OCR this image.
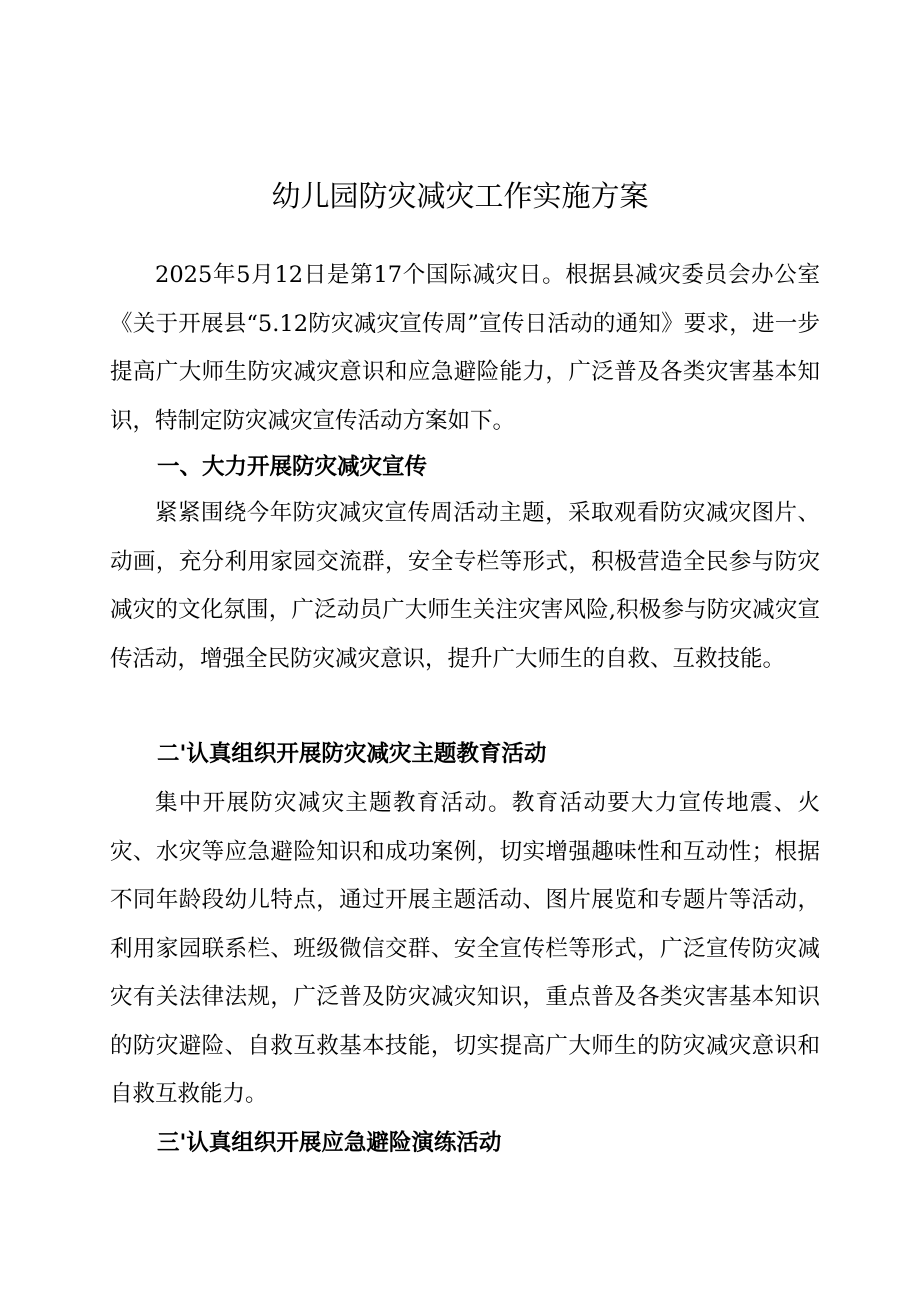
幼儿园防灾减灾工作实施方案

2025年5月12日是第17个国际减灾日。根据县减灾委员会办公室《关于开展县“5.12防灾减灾宣传周”宣传日活动的通知》要求，进一步提高广大师生防灾减灾意识和应急避险能力，广泛普及各类灾害基本知识，特制定防灾减灾宣传活动方案如下。

一、大力开展防灾减灾宣传

紧紧围绕今年防灾减灾宣传周活动主题，采取观看防灾减灾图片、动画，充分利用家园交流群，安全专栏等形式，积极营造全民参与防灾减灾的文化氛围，广泛动员广大师生关注灾害风险,积极参与防灾减灾宣传活动，增强全民防灾减灾意识，提升广大师生的自救、互救技能。

二'认真组织开展防灾减灾主题教育活动

集中开展防灾减灾主题教育活动。教育活动要大力宣传地震、火灾、水灾等应急避险知识和成功案例，切实增强趣味性和互动性；根据不同年龄段幼儿特点，通过开展主题活动、图片展览和专题片等活动，利用家园联系栏、班级微信交群、安全宣传栏等形式，广泛宣传防灾减灾有关法律法规，广泛普及防灾减灾知识，重点普及各类灾害基本知识的防灾避险、自救互救基本技能，切实提高广大师生的防灾减灾意识和自救互救能力。

三'认真组织开展应急避险演练活动
